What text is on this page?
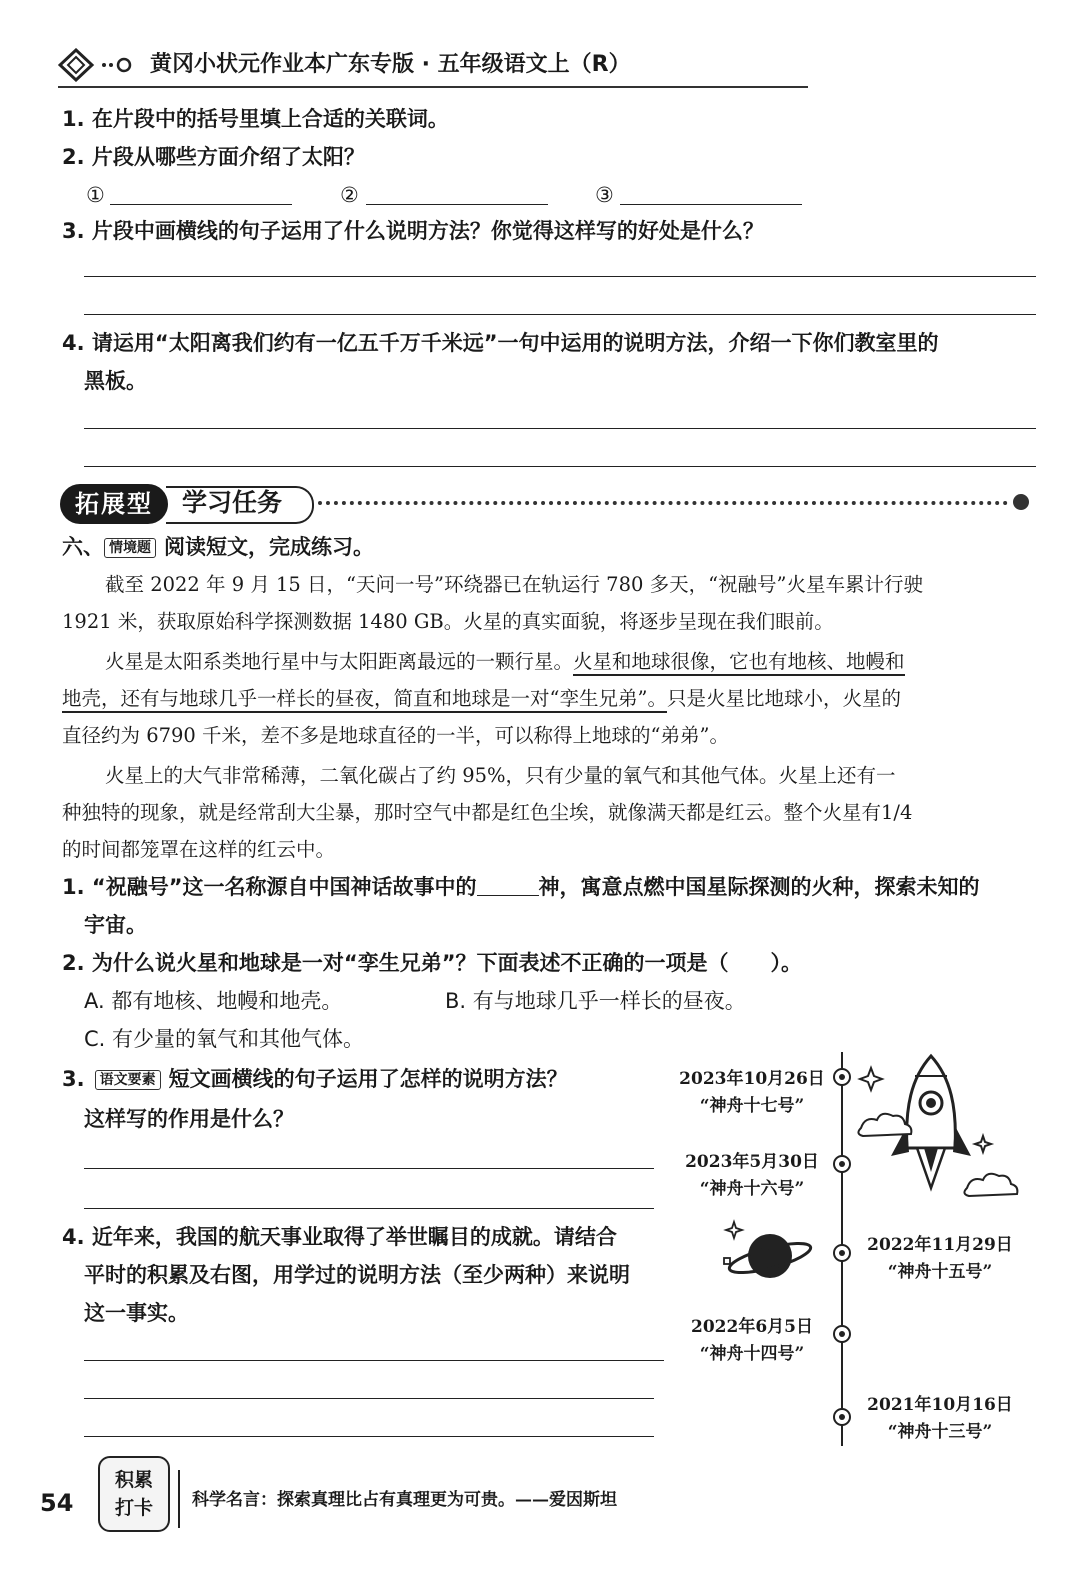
黄冈小状元作业本广东专版 · 五年级语文上（R）
1. 在片段中的括号里填上合适的关联词。
2. 片段从哪些方面介绍了太阳？
①	②	③
3. 片段中画横线的句子运用了什么说明方法？你觉得这样写的好处是什么？
4. 请运用“太阳离我们约有一亿五千万千米远”一句中运用的说明方法，介绍一下你们教室里的
黑板。
拓展型	学习任务
六、 情境题 阅读短文，完成练习。
截至 2022 年 9 月 15 日，“天问一号”环绕器已在轨运行 780 多天，“祝融号”火星车累计行驶
1921 米，获取原始科学探测数据 1480 GB。火星的真实面貌，将逐步呈现在我们眼前。
火星是太阳系类地行星中与太阳距离最远的一颗行星。火星和地球很像，它也有地核、地幔和
地壳，还有与地球几乎一样长的昼夜，简直和地球是一对“孪生兄弟”。只是火星比地球小，火星的
直径约为 6790 千米，差不多是地球直径的一半，可以称得上地球的“弟弟”。
火星上的大气非常稀薄，二氧化碳占了约 95%，只有少量的氧气和其他气体。火星上还有一
种独特的现象，就是经常刮大尘暴，那时空气中都是红色尘埃，就像满天都是红云。整个火星有1/4
的时间都笼罩在这样的红云中。
1. “祝融号”这一名称源自中国神话故事中的	神，寓意点燃中国星际探测的火种，探索未知的
宇宙。
2. 为什么说火星和地球是一对“孪生兄弟”？下面表述不正确的一项是（　　）。
A. 都有地核、地幔和地壳。	B. 有与地球几乎一样长的昼夜。
C. 有少量的氧气和其他气体。
3. 语文要素 短文画横线的句子运用了怎样的说明方法？
这样写的作用是什么？
4. 近年来，我国的航天事业取得了举世瞩目的成就。请结合
平时的积累及右图，用学过的说明方法（至少两种）来说明
这一事实。
2023年10月26日
“神舟十七号”
2023年5月30日
“神舟十六号”
2022年11月29日
“神舟十五号”
2022年6月5日
“神舟十四号”
2021年10月16日
“神舟十三号”
54
积累
打卡	科学名言：探索真理比占有真理更为可贵。——爱因斯坦
